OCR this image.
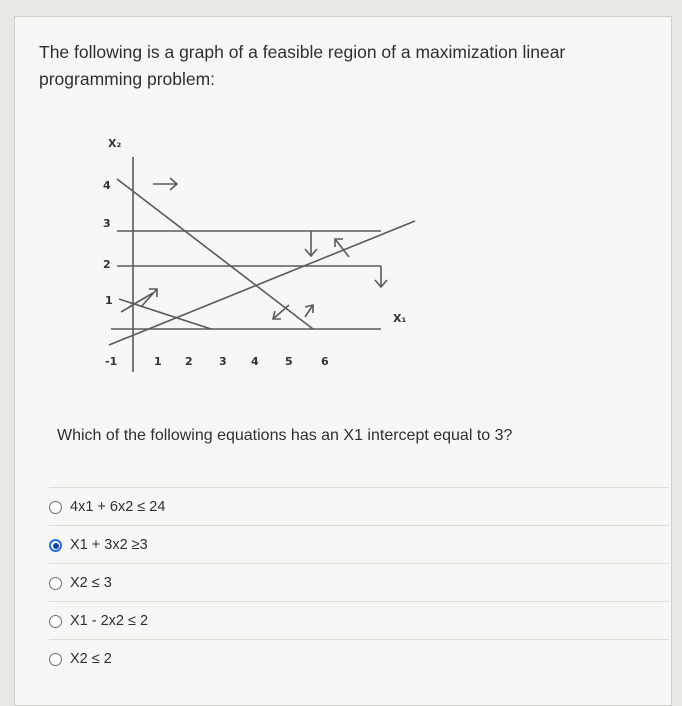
The following is a graph of a feasible region of a maximization linear programming problem:

X₂
X₁
4
3
2
1
-1	1 2 3 4 5	6

Which of the following equations has an X1 intercept equal to 3?

4x1 + 6x2 ≤ 24
X1 + 3x2 ≥3
X2 ≤ 3
X1 - 2x2 ≤ 2
X2 ≤ 2
